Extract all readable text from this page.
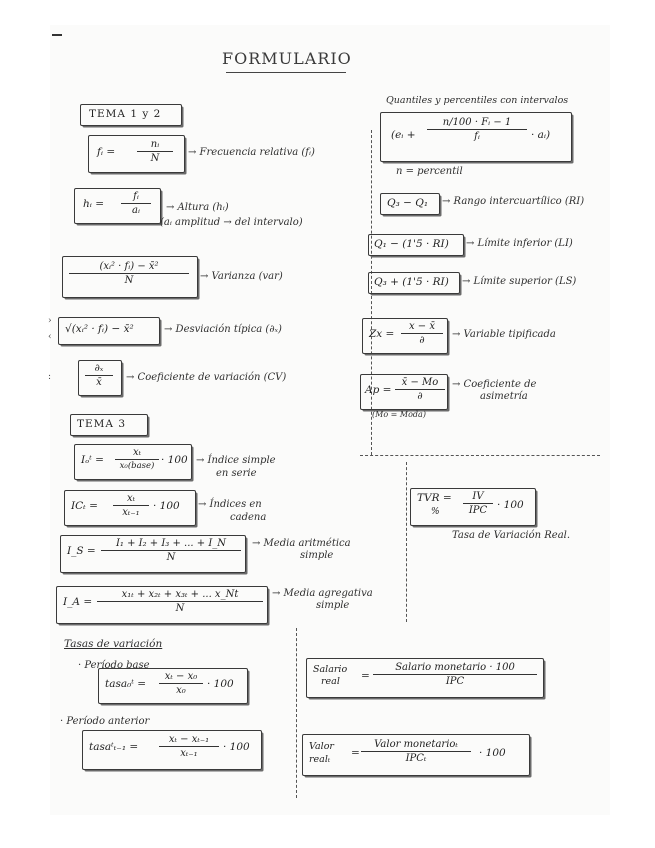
FORMULARIO
›
‹
:
TEMA 1 y 2
fᵢ = $\frac{\text{nᵢ}}{N}$ → Frecuencia relativa (fᵢ)
hᵢ = $\frac{\text{fᵢ}}{\text{aᵢ}}$ → Altura (hᵢ)
(aᵢ amplitud → del intervalo)
$\frac{\text{(xᵢ² · fᵢ) − x̄²}}{N}$ → Varianza (var)
√(xᵢ² · fᵢ) − x̄²	→ Desviación típica (∂ₓ)
$\frac{\text{∂ₓ}}{x̄}$ → Coeficiente de variación (CV)
Quantiles y percentiles con intervalos
(eᵢ + $\frac{\text{n/100 · Fᵢ − 1}}{\text{fᵢ}}$ · aᵢ)
n = percentil
Q₃ − Q₁ → Rango intercuartílico (RI)
Q₁ − (1'5 · RI) → Límite inferior (LI)
Q₃ + (1'5 · RI) → Límite superior (LS)
Zx =
x − x̄
∂
→ Variable tipificada
Ap =
x̄ − Mo
∂
→ Coeficiente de
asimetría
(Mo = Moda)
TEMA 3
Iₒᵗ =
xₜ
x₀(base) · 100 → Índice simple
en serie
$IC_t = \frac{\text{xₜ}}{\text{xₜ₋₁}} \cdot 100$ → Índices en
cadena
I_S = $\frac{\text{I₁ + I₂ + I₃ + ... + I\_N}}{N}$ → Media aritmética
simple
I_A = $\frac{\text{x₁ₜ + x₂ₜ + x₃ₜ + ... x\_Nt}}{N}$ → Media agregativa
simple
TVR =
%
IV
IPC · 100
Tasa de Variación Real.
Tasas de variación
· Período base
tasa₀ᵗ = $\frac{\text{xₜ − x₀}}{\text{x₀}} \cdot 100$
· Período anterior
tasaᵗₜ₋₁ = $\frac{\text{xₜ − xₜ₋₁}}{\text{xₜ₋₁}} \cdot 100$
Salario
real =
Salario monetario · 100
IPC
Valor
realₜ
=
Valor monetarioₜ
IPCₜ	· 100
